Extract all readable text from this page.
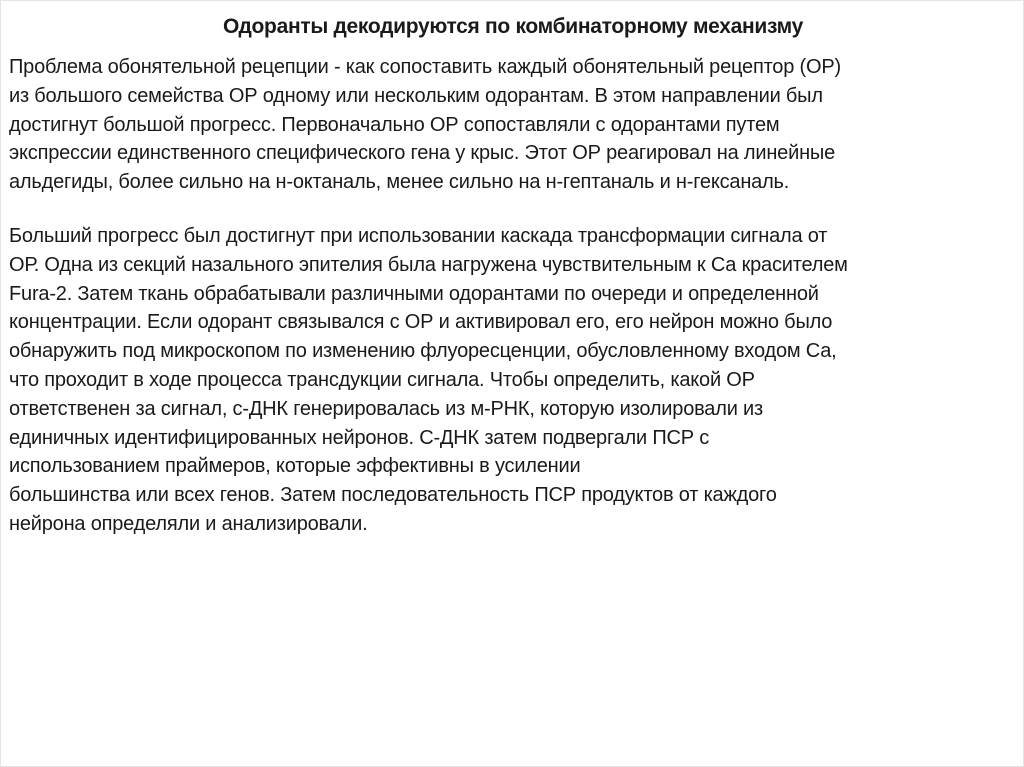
Одоранты декодируются по комбинаторному механизму
Проблема обонятельной рецепции - как сопоставить каждый обонятельный рецептор (ОР)
из большого семейства ОР одному или нескольким одорантам. В этом направлении был
достигнут большой прогресс. Первоначально ОР сопоставляли с одорантами путем
экспрессии единственного специфического гена у крыс. Этот ОР реагировал на линейные
альдегиды, более сильно на н-октаналь, менее сильно на н-гептаналь и н-гексаналь.
Больший прогресс был достигнут при использовании каскада трансформации сигнала от
ОР. Одна из секций назального эпителия была нагружена чувствительным к Са красителем
Fura-2. Затем ткань обрабатывали различными одорантами по очереди и определенной
концентрации. Если одорант связывался с ОР и активировал его, его нейрон можно было
обнаружить под микроскопом по изменению флуоресценции, обусловленному входом Са,
что проходит в ходе процесса трансдукции сигнала. Чтобы определить, какой ОР
ответственен за сигнал, с-ДНК генерировалась из м-РНК, которую изолировали из
единичных идентифицированных нейронов. С-ДНК затем подвергали ПСР с
использованием праймеров, которые эффективны в усилении
большинства или всех генов. Затем последовательность ПСР продуктов от каждого
нейрона определяли и анализировали.
